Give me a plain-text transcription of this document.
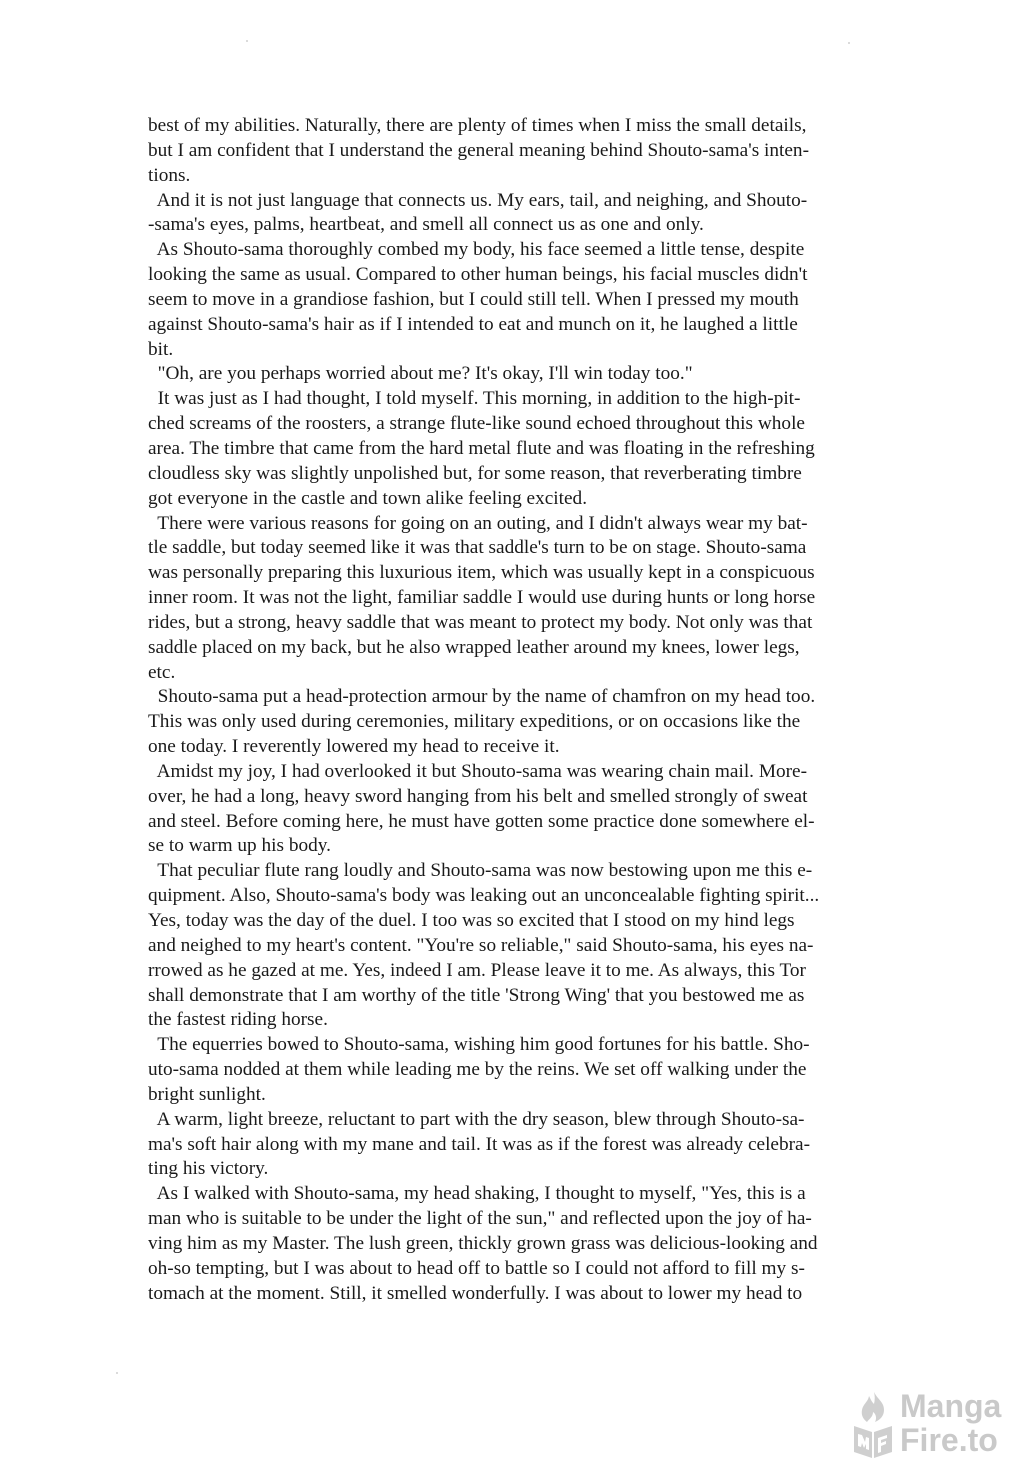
best of my abilities. Naturally, there are plenty of times when I miss the small details,
but I am confident that I understand the general meaning behind Shouto-sama's inten-
tions.
And it is not just language that connects us. My ears, tail, and neighing, and Shouto-
-sama's eyes, palms, heartbeat, and smell all connect us as one and only.
As Shouto-sama thoroughly combed my body, his face seemed a little tense, despite
looking the same as usual. Compared to other human beings, his facial muscles didn't
seem to move in a grandiose fashion, but I could still tell. When I pressed my mouth
against Shouto-sama's hair as if I intended to eat and munch on it, he laughed a little
bit.
"Oh, are you perhaps worried about me? It's okay, I'll win today too."
It was just as I had thought, I told myself. This morning, in addition to the high-pit-
ched screams of the roosters, a strange flute-like sound echoed throughout this whole
area. The timbre that came from the hard metal flute and was floating in the refreshing
cloudless sky was slightly unpolished but, for some reason, that reverberating timbre
got everyone in the castle and town alike feeling excited.
There were various reasons for going on an outing, and I didn't always wear my bat-
tle saddle, but today seemed like it was that saddle's turn to be on stage. Shouto-sama
was personally preparing this luxurious item, which was usually kept in a conspicuous
inner room. It was not the light, familiar saddle I would use during hunts or long horse
rides, but a strong, heavy saddle that was meant to protect my body. Not only was that
saddle placed on my back, but he also wrapped leather around my knees, lower legs,
etc.
Shouto-sama put a head-protection armour by the name of chamfron on my head too.
This was only used during ceremonies, military expeditions, or on occasions like the
one today. I reverently lowered my head to receive it.
Amidst my joy, I had overlooked it but Shouto-sama was wearing chain mail. More-
over, he had a long, heavy sword hanging from his belt and smelled strongly of sweat
and steel. Before coming here, he must have gotten some practice done somewhere el-
se to warm up his body.
That peculiar flute rang loudly and Shouto-sama was now bestowing upon me this e-
quipment. Also, Shouto-sama's body was leaking out an unconcealable fighting spirit...
Yes, today was the day of the duel. I too was so excited that I stood on my hind legs
and neighed to my heart's content. "You're so reliable," said Shouto-sama, his eyes na-
rrowed as he gazed at me. Yes, indeed I am. Please leave it to me. As always, this Tor
shall demonstrate that I am worthy of the title 'Strong Wing' that you bestowed me as
the fastest riding horse.
The equerries bowed to Shouto-sama, wishing him good fortunes for his battle. Sho-
uto-sama nodded at them while leading me by the reins. We set off walking under the
bright sunlight.
A warm, light breeze, reluctant to part with the dry season, blew through Shouto-sa-
ma's soft hair along with my mane and tail. It was as if the forest was already celebra-
ting his victory.
As I walked with Shouto-sama, my head shaking, I thought to myself, "Yes, this is a
man who is suitable to be under the light of the sun," and reflected upon the joy of ha-
ving him as my Master. The lush green, thickly grown grass was delicious-looking and
oh-so tempting, but I was about to head off to battle so I could not afford to fill my s-
tomach at the moment. Still, it smelled wonderfully. I was about to lower my head to
Manga
Fire.to
